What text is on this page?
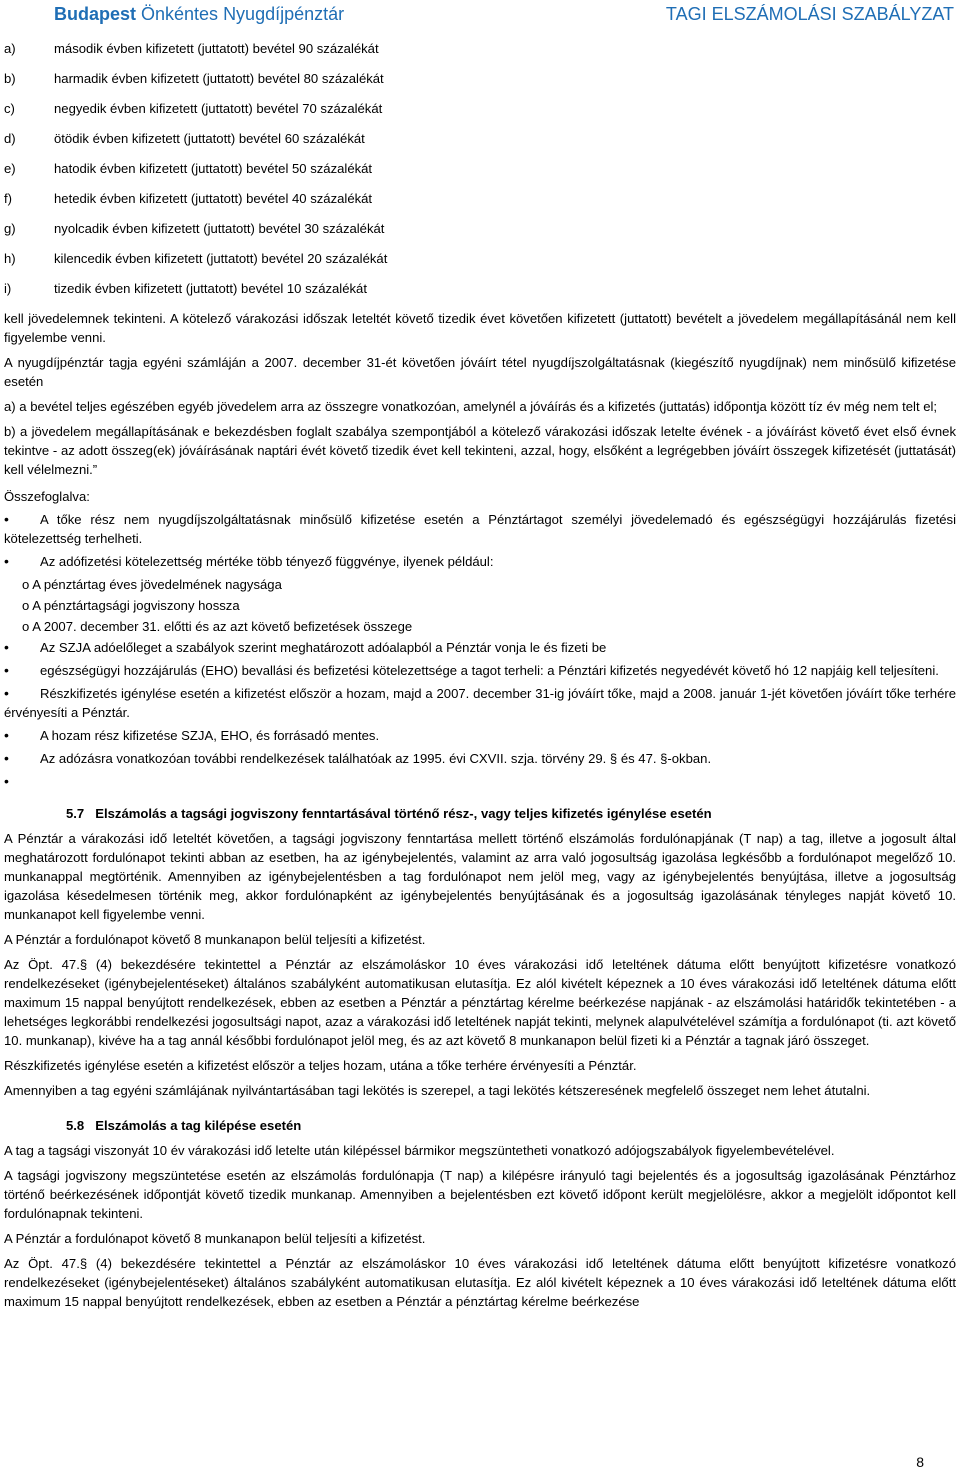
Budapest Önkéntes Nyugdíjpénztár	TAGI ELSZÁMOLÁSI SZABÁLYZAT
a)	második évben kifizetett (juttatott) bevétel 90 százalékát
b)	harmadik évben kifizetett (juttatott) bevétel 80 százalékát
c)	negyedik évben kifizetett (juttatott) bevétel 70 százalékát
d)	ötödik évben kifizetett (juttatott) bevétel 60 százalékát
e)	hatodik évben kifizetett (juttatott) bevétel 50 százalékát
f)	hetedik évben kifizetett (juttatott) bevétel 40 százalékát
g)	nyolcadik évben kifizetett (juttatott) bevétel 30 százalékát
h)	kilencedik évben kifizetett (juttatott) bevétel 20 százalékát
i)	tizedik évben kifizetett (juttatott) bevétel 10 százalékát

kell jövedelemnek tekinteni. A kötelező várakozási időszak leteltét követő tizedik évet követően kifizetett (juttatott) bevételt a jövedelem megállapításánál nem kell figyelembe venni.

A nyugdíjpénztár tagja egyéni számláján a 2007. december 31-ét követően jóváírt tétel nyugdíjszolgáltatásnak (kiegészítő nyugdíjnak) nem minősülő kifizetése esetén

a) a bevétel teljes egészében egyéb jövedelem arra az összegre vonatkozóan, amelynél a jóváírás és a kifizetés (juttatás) időpontja között tíz év még nem telt el;

b) a jövedelem megállapításának e bekezdésben foglalt szabálya szempontjából a kötelező várakozási időszak letelte évének - a jóváírást követő évet első évnek tekintve - az adott összeg(ek) jóváírásának naptári évét követő tizedik évet kell tekinteni, azzal, hogy, elsőként a legrégebben jóváírt összegek kifizetését (juttatását) kell vélelmezni.”

Összefoglalva:
• A tőke rész nem nyugdíjszolgáltatásnak minősülő kifizetése esetén a Pénztártagot személyi jövedelemadó és egészségügyi hozzájárulás fizetési kötelezettség terhelheti.
• Az adófizetési kötelezettség mértéke több tényező függvénye, ilyenek például:
o A pénztártag éves jövedelmének nagysága
o A pénztártagsági jogviszony hossza
o A 2007. december 31. előtti és az azt követő befizetések összege
• Az SZJA adóelőleget a szabályok szerint meghatározott adóalapból a Pénztár vonja le és fizeti be
• egészségügyi hozzájárulás (EHO) bevallási és befizetési kötelezettsége a tagot terheli: a Pénztári kifizetés negyedévét követő hó 12 napjáig kell teljesíteni.
• Részkifizetés igénylése esetén a kifizetést először a hozam, majd a 2007. december 31-ig jóváírt tőke, majd a 2008. január 1-jét követően jóváírt tőke terhére érvényesíti a Pénztár.
• A hozam rész kifizetése SZJA, EHO, és forrásadó mentes.
• Az adózásra vonatkozóan további rendelkezések találhatóak az 1995. évi CXVII. szja. törvény 29. § és 47. §-okban.
•
5.7 Elszámolás a tagsági jogviszony fenntartásával történő rész-, vagy teljes kifizetés igénylése esetén

A Pénztár a várakozási idő leteltét követően, a tagsági jogviszony fenntartása mellett történő elszámolás fordulónapjának (T nap) a tag, illetve a jogosult által meghatározott fordulónapot tekinti abban az esetben, ha az igénybejelentés, valamint az arra való jogosultság igazolása legkésőbb a fordulónapot megelőző 10. munkanappal megtörténik. Amennyiben az igénybejelentésben a tag fordulónapot nem jelöl meg, vagy az igénybejelentés benyújtása, illetve a jogosultság igazolása késedelmesen történik meg, akkor fordulónapként az igénybejelentés benyújtásának és a jogosultság igazolásának tényleges napját követő 10. munkanapot kell figyelembe venni.

A Pénztár a fordulónapot követő 8 munkanapon belül teljesíti a kifizetést.

Az Öpt. 47.§ (4) bekezdésére tekintettel a Pénztár az elszámoláskor 10 éves várakozási idő leteltének dátuma előtt benyújtott kifizetésre vonatkozó rendelkezéseket (igénybejelentéseket) általános szabályként automatikusan elutasítja. Ez alól kivételt képeznek a 10 éves várakozási idő leteltének dátuma előtt maximum 15 nappal benyújtott rendelkezések, ebben az esetben a Pénztár a pénztártag kérelme beérkezése napjának - az elszámolási határidők tekintetében - a lehetséges legkorábbi rendelkezési jogosultsági napot, azaz a várakozási idő leteltének napját tekinti, melynek alapulvételével számítja a fordulónapot (ti. azt követő 10. munkanap), kivéve ha a tag annál későbbi fordulónapot jelöl meg, és az azt követő 8 munkanapon belül fizeti ki a Pénztár a tagnak járó összeget.

Részkifizetés igénylése esetén a kifizetést először a teljes hozam, utána a tőke terhére érvényesíti a Pénztár.

Amennyiben a tag egyéni számlájának nyilvántartásában tagi lekötés is szerepel, a tagi lekötés kétszeresének megfelelő összeget nem lehet átutalni.

5.8 Elszámolás a tag kilépése esetén

A tag a tagsági viszonyát 10 év várakozási idő letelte után kilépéssel bármikor megszüntetheti vonatkozó adójogszabályok figyelembevételével.

A tagsági jogviszony megszüntetése esetén az elszámolás fordulónapja (T nap) a kilépésre irányuló tagi bejelentés és a jogosultság igazolásának Pénztárhoz történő beérkezésének időpontját követő tizedik munkanap. Amennyiben a bejelentésben ezt követő időpont került megjelölésre, akkor a megjelölt időpontot kell fordulónapnak tekinteni.

A Pénztár a fordulónapot követő 8 munkanapon belül teljesíti a kifizetést.

Az Öpt. 47.§ (4) bekezdésére tekintettel a Pénztár az elszámoláskor 10 éves várakozási idő leteltének dátuma előtt benyújtott kifizetésre vonatkozó rendelkezéseket (igénybejelentéseket) általános szabályként automatikusan elutasítja. Ez alól kivételt képeznek a 10 éves várakozási idő leteltének dátuma előtt maximum 15 nappal benyújtott rendelkezések, ebben az esetben a Pénztár a pénztártag kérelme beérkezése

8
